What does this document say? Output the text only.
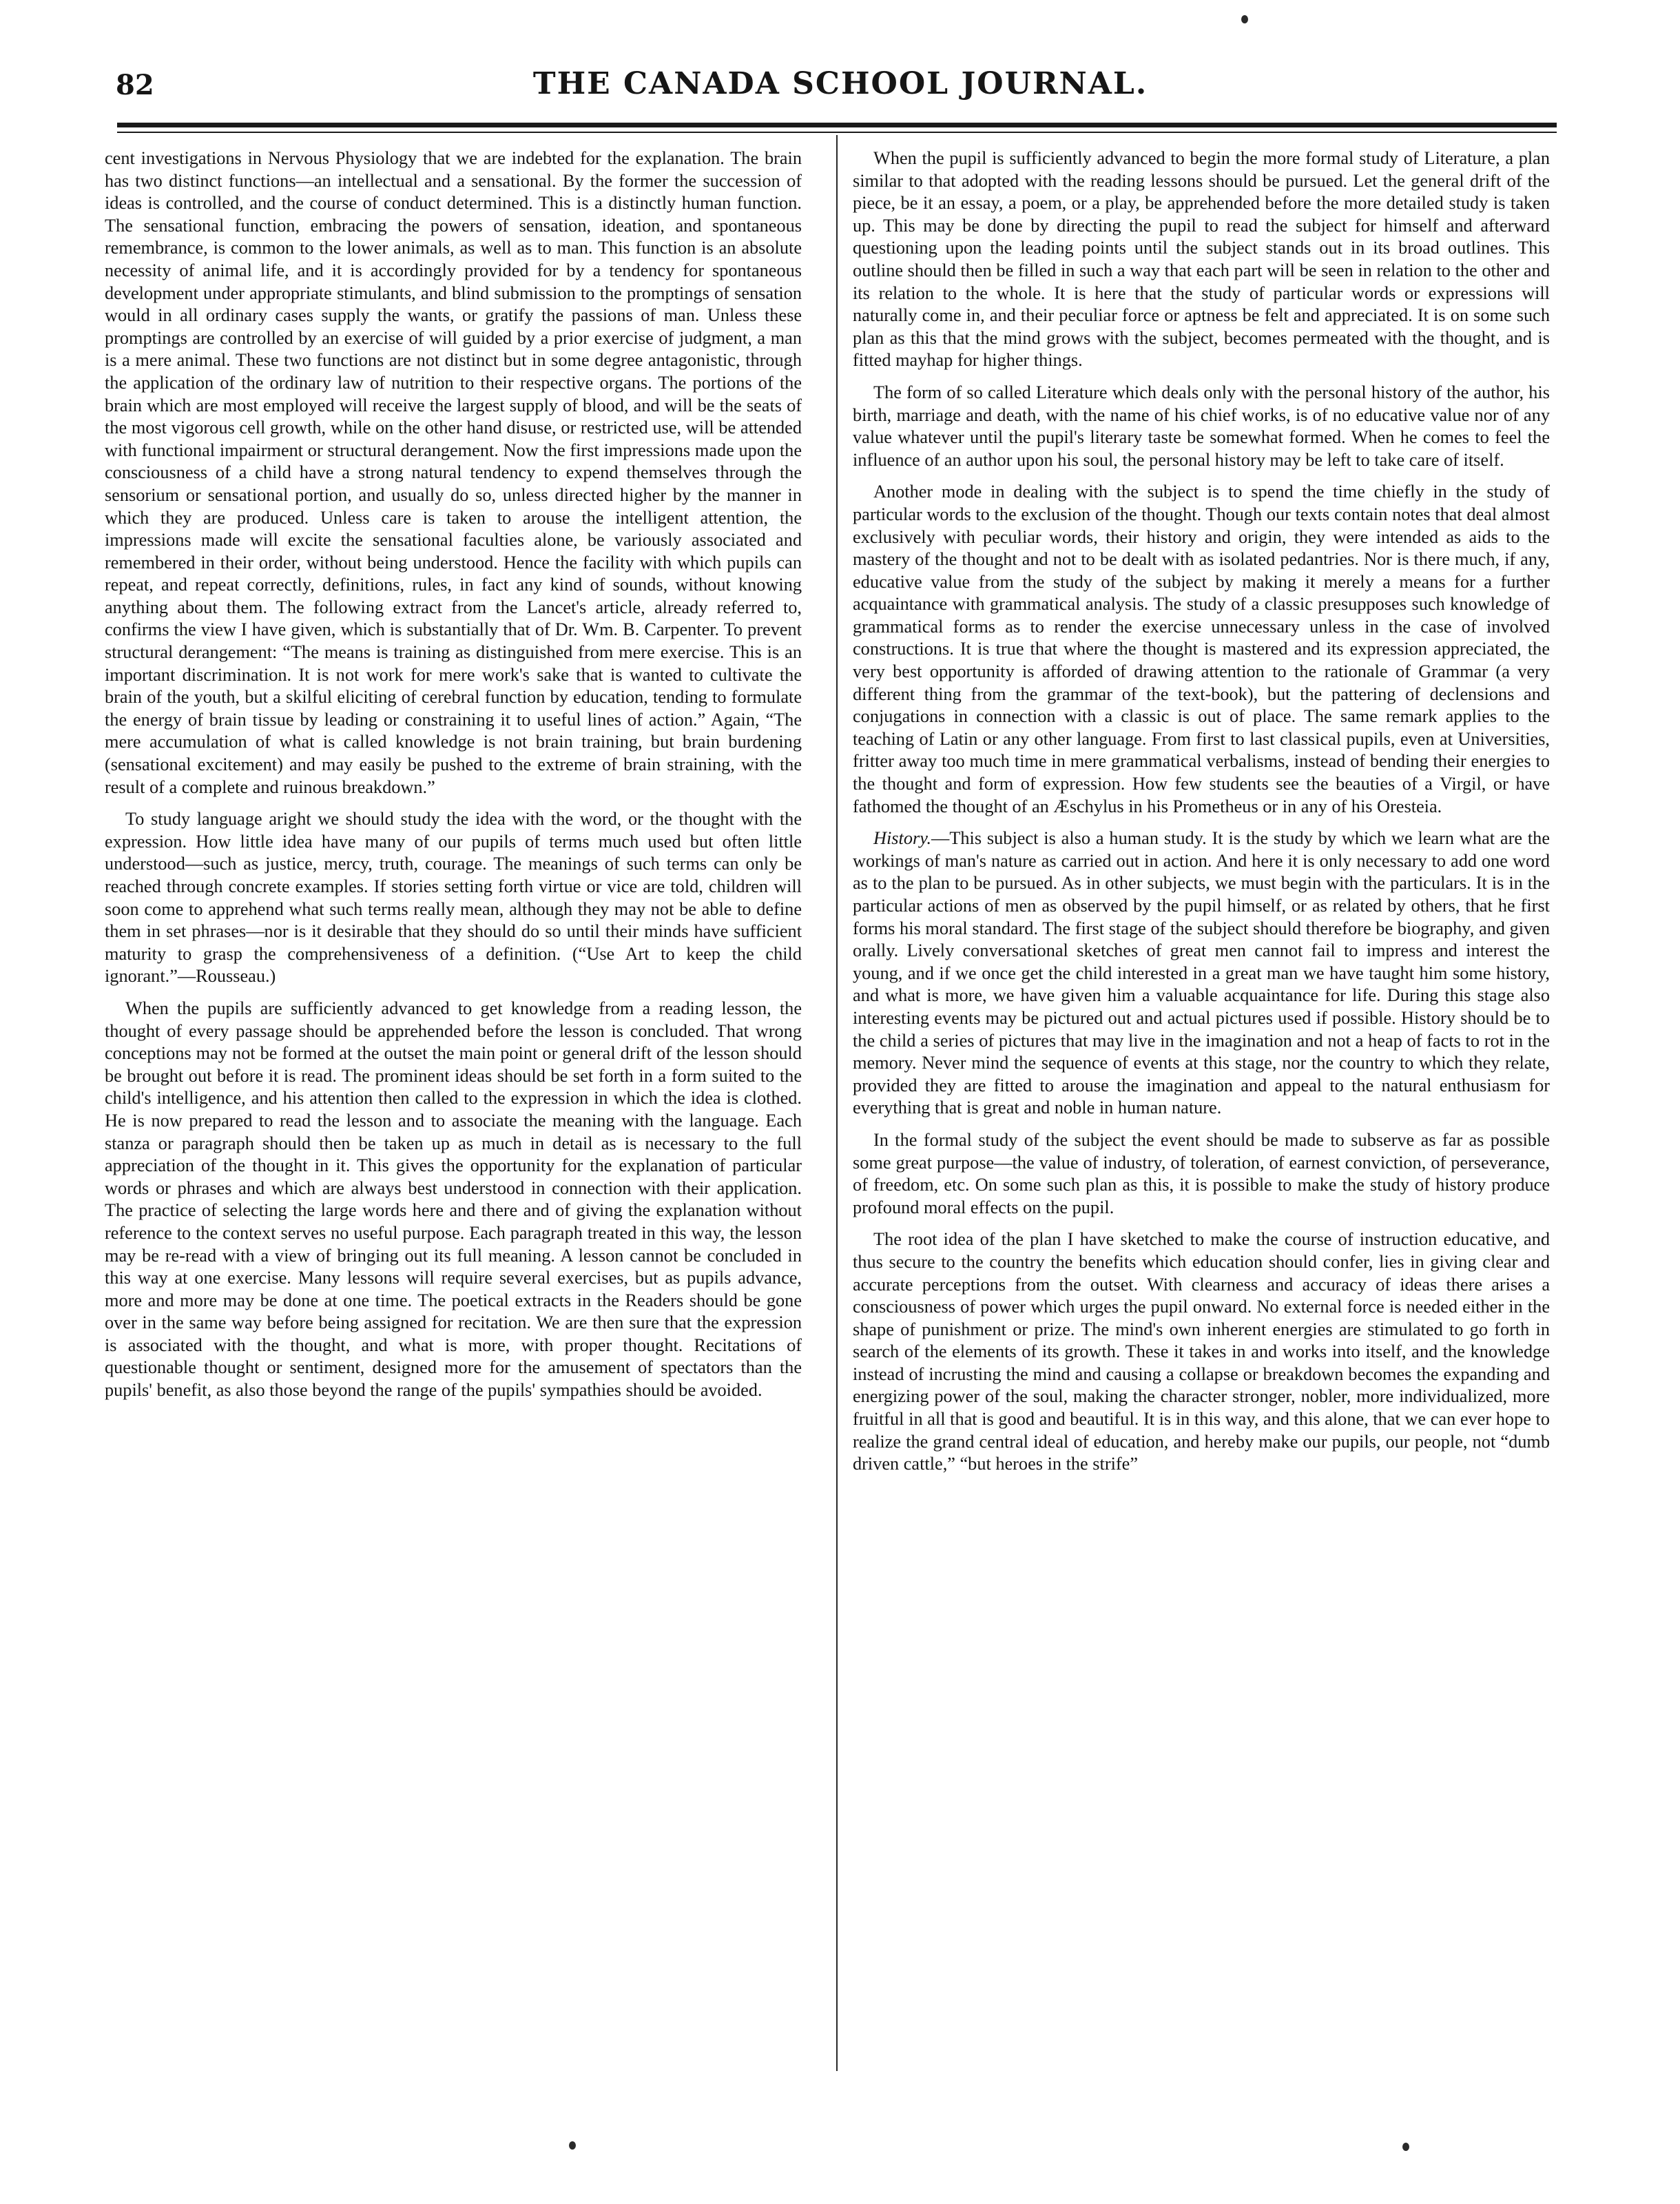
82	THE CANADA SCHOOL JOURNAL.

cent investigations in Nervous Physiology that we are indebted for the explanation. The brain has two distinct functions—an intellectual and a sensational. By the former the succession of ideas is controlled, and the course of conduct determined. This is a distinctly human function. The sensational function, embracing the powers of sensation, ideation, and spontaneous remembrance, is common to the lower animals, as well as to man. This function is an absolute necessity of animal life, and it is accordingly provided for by a tendency for spontaneous development under appropriate stimulants, and blind submission to the promptings of sensation would in all ordinary cases supply the wants, or gratify the passions of man. Unless these promptings are controlled by an exercise of will guided by a prior exercise of judgment, a man is a mere animal. These two functions are not distinct but in some degree antagonistic, through the application of the ordinary law of nutrition to their respective organs. The portions of the brain which are most employed will receive the largest supply of blood, and will be the seats of the most vigorous cell growth, while on the other hand disuse, or restricted use, will be attended with functional impairment or structural derangement. Now the first impressions made upon the consciousness of a child have a strong natural tendency to expend themselves through the sensorium or sensational portion, and usually do so, unless directed higher by the manner in which they are produced. Unless care is taken to arouse the intelligent attention, the impressions made will excite the sensational faculties alone, be variously associated and remembered in their order, without being understood. Hence the facility with which pupils can repeat, and repeat correctly, definitions, rules, in fact any kind of sounds, without knowing anything about them. The following extract from the Lancet's article, already referred to, confirms the view I have given, which is substantially that of Dr. Wm. B. Carpenter. To prevent structural derangement: “The means is training as distinguished from mere exercise. This is an important discrimination. It is not work for mere work's sake that is wanted to cultivate the brain of the youth, but a skilful eliciting of cerebral function by education, tending to formulate the energy of brain tissue by leading or constraining it to useful lines of action.” Again, “The mere accumulation of what is called knowledge is not brain training, but brain burdening (sensational excitement) and may easily be pushed to the extreme of brain straining, with the result of a complete and ruinous breakdown.”

To study language aright we should study the idea with the word, or the thought with the expression. How little idea have many of our pupils of terms much used but often little understood—such as justice, mercy, truth, courage. The meanings of such terms can only be reached through concrete examples. If stories setting forth virtue or vice are told, children will soon come to apprehend what such terms really mean, although they may not be able to define them in set phrases—nor is it desirable that they should do so until their minds have sufficient maturity to grasp the comprehensiveness of a definition. (“Use Art to keep the child ignorant.”—Rousseau.)

When the pupils are sufficiently advanced to get knowledge from a reading lesson, the thought of every passage should be apprehended before the lesson is concluded. That wrong conceptions may not be formed at the outset the main point or general drift of the lesson should be brought out before it is read. The prominent ideas should be set forth in a form suited to the child's intelligence, and his attention then called to the expression in which the idea is clothed. He is now prepared to read the lesson and to associate the meaning with the language. Each stanza or paragraph should then be taken up as much in detail as is necessary to the full appreciation of the thought in it. This gives the opportunity for the explanation of particular words or phrases and which are always best understood in connection with their application. The practice of selecting the large words here and there and of giving the explanation without reference to the context serves no useful purpose. Each paragraph treated in this way, the lesson may be re-read with a view of bringing out its full meaning. A lesson cannot be concluded in this way at one exercise. Many lessons will require several exercises, but as pupils advance, more and more may be done at one time. The poetical extracts in the Readers should be gone over in the same way before being assigned for recitation. We are then sure that the expression is associated with the thought, and what is more, with proper thought. Recitations of questionable thought or sentiment, designed more for the amusement of spectators than the pupils' benefit, as also those beyond the range of the pupils' sympathies should be avoided.

When the pupil is sufficiently advanced to begin the more formal study of Literature, a plan similar to that adopted with the reading lessons should be pursued. Let the general drift of the piece, be it an essay, a poem, or a play, be apprehended before the more detailed study is taken up. This may be done by directing the pupil to read the subject for himself and afterward questioning upon the leading points until the subject stands out in its broad outlines. This outline should then be filled in such a way that each part will be seen in relation to the other and its relation to the whole. It is here that the study of particular words or expressions will naturally come in, and their peculiar force or aptness be felt and appreciated. It is on some such plan as this that the mind grows with the subject, becomes permeated with the thought, and is fitted mayhap for higher things.

The form of so called Literature which deals only with the personal history of the author, his birth, marriage and death, with the name of his chief works, is of no educative value nor of any value whatever until the pupil's literary taste be somewhat formed. When he comes to feel the influence of an author upon his soul, the personal history may be left to take care of itself.

Another mode in dealing with the subject is to spend the time chiefly in the study of particular words to the exclusion of the thought. Though our texts contain notes that deal almost exclusively with peculiar words, their history and origin, they were intended as aids to the mastery of the thought and not to be dealt with as isolated pedantries. Nor is there much, if any, educative value from the study of the subject by making it merely a means for a further acquaintance with grammatical analysis. The study of a classic presupposes such knowledge of grammatical forms as to render the exercise unnecessary unless in the case of involved constructions. It is true that where the thought is mastered and its expression appreciated, the very best opportunity is afforded of drawing attention to the rationale of Grammar (a very different thing from the grammar of the text-book), but the pattering of declensions and conjugations in connection with a classic is out of place. The same remark applies to the teaching of Latin or any other language. From first to last classical pupils, even at Universities, fritter away too much time in mere grammatical verbalisms, instead of bending their energies to the thought and form of expression. How few students see the beauties of a Virgil, or have fathomed the thought of an Æschylus in his Prometheus or in any of his Oresteia.

History.—This subject is also a human study. It is the study by which we learn what are the workings of man's nature as carried out in action. And here it is only necessary to add one word as to the plan to be pursued. As in other subjects, we must begin with the particulars. It is in the particular actions of men as observed by the pupil himself, or as related by others, that he first forms his moral standard. The first stage of the subject should therefore be biography, and given orally. Lively conversational sketches of great men cannot fail to impress and interest the young, and if we once get the child interested in a great man we have taught him some history, and what is more, we have given him a valuable acquaintance for life. During this stage also interesting events may be pictured out and actual pictures used if possible. History should be to the child a series of pictures that may live in the imagination and not a heap of facts to rot in the memory. Never mind the sequence of events at this stage, nor the country to which they relate, provided they are fitted to arouse the imagination and appeal to the natural enthusiasm for everything that is great and noble in human nature.

In the formal study of the subject the event should be made to subserve as far as possible some great purpose—the value of industry, of toleration, of earnest conviction, of perseverance, of freedom, etc. On some such plan as this, it is possible to make the study of history produce profound moral effects on the pupil.

The root idea of the plan I have sketched to make the course of instruction educative, and thus secure to the country the benefits which education should confer, lies in giving clear and accurate perceptions from the outset. With clearness and accuracy of ideas there arises a consciousness of power which urges the pupil onward. No external force is needed either in the shape of punishment or prize. The mind's own inherent energies are stimulated to go forth in search of the elements of its growth. These it takes in and works into itself, and the knowledge instead of incrusting the mind and causing a collapse or breakdown becomes the expanding and energizing power of the soul, making the character stronger, nobler, more individualized, more fruitful in all that is good and beautiful. It is in this way, and this alone, that we can ever hope to realize the grand central ideal of education, and hereby make our pupils, our people, not “dumb driven cattle,” “but heroes in the strife”
